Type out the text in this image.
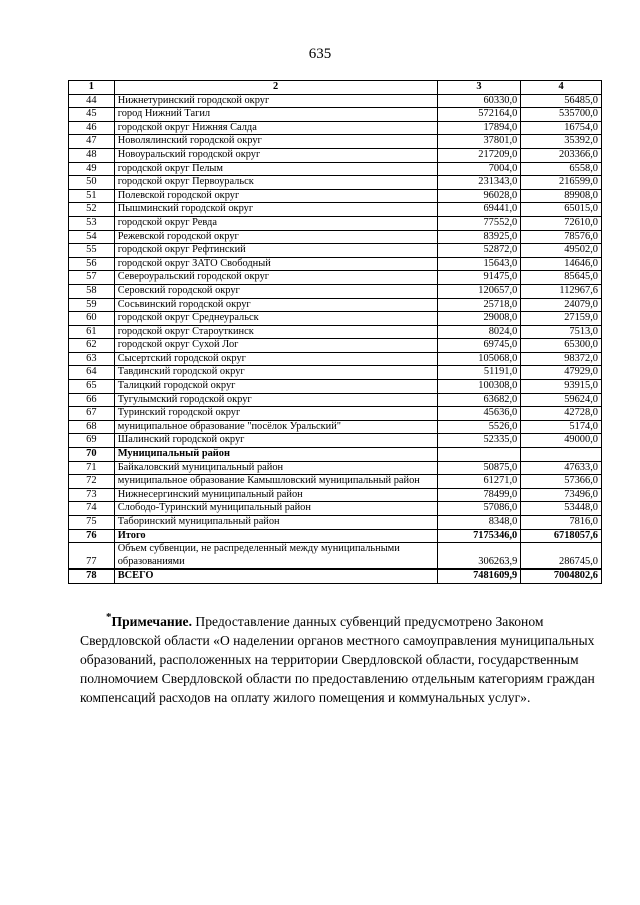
635
1	2	3	4
44	Нижнетуринский городской округ	60330,0	56485,0
45	город Нижний Тагил	572164,0	535700,0
46	городской округ Нижняя Салда	17894,0	16754,0
47	Новолялинский городской округ	37801,0	35392,0
48	Новоуральский городской округ	217209,0	203366,0
49	городской округ Пелым	7004,0	6558,0
50	городской округ Первоуральск	231343,0	216599,0
51	Полевской городской округ	96028,0	89908,0
52	Пышминский городской округ	69441,0	65015,0
53	городской округ Ревда	77552,0	72610,0
54	Режевской городской округ	83925,0	78576,0
55	городской округ Рефтинский	52872,0	49502,0
56	городской округ ЗАТО Свободный	15643,0	14646,0
57	Североуральский городской округ	91475,0	85645,0
58	Серовский городской округ	120657,0	112967,6
59	Сосьвинский городской округ	25718,0	24079,0
60	городской округ Среднеуральск	29008,0	27159,0
61	городской округ Староуткинск	8024,0	7513,0
62	городской округ Сухой Лог	69745,0	65300,0
63	Сысертский городской округ	105068,0	98372,0
64	Тавдинский городской округ	51191,0	47929,0
65	Талицкий городской округ	100308,0	93915,0
66	Тугулымский городской округ	63682,0	59624,0
67	Туринский городской округ	45636,0	42728,0
68	муниципальное образование "посёлок Уральский"	5526,0	5174,0
69	Шалинский городской округ	52335,0	49000,0
70	Муниципальный район		
71	Байкаловский муниципальный район	50875,0	47633,0
72	муниципальное образование Камышловский муниципальный район	61271,0	57366,0
73	Нижнесергинский муниципальный район	78499,0	73496,0
74	Слободо-Туринский муниципальный район	57086,0	53448,0
75	Таборинский муниципальный район	8348,0	7816,0
76	Итого	7175346,0	6718057,6
77	Объем субвенции, не распределенный между муниципальными образованиями	306263,9	286745,0
78	ВСЕГО	7481609,9	7004802,6
*Примечание. Предоставление данных субвенций предусмотрено Законом Свердловской области «О наделении органов местного самоуправления муниципальных образований, расположенных на территории Свердловской области, государственным полномочием Свердловской области по предоставлению отдельным категориям граждан компенсаций расходов на оплату жилого помещения и коммунальных услуг».
